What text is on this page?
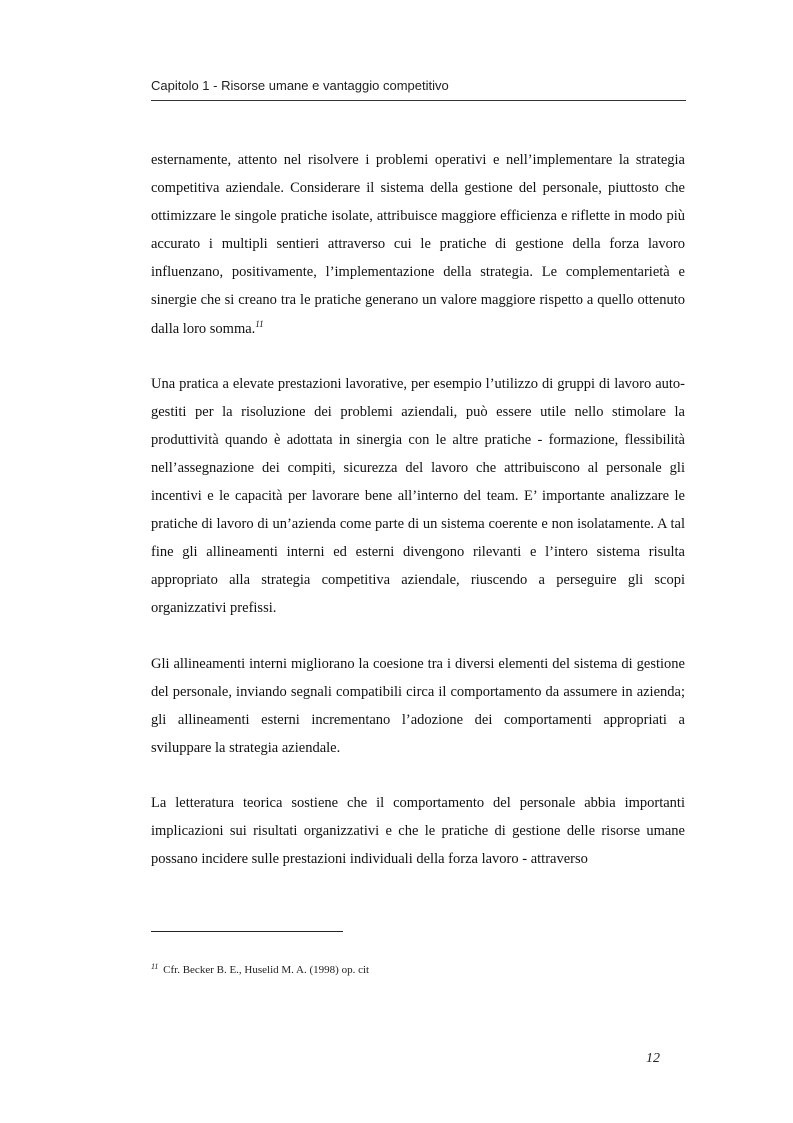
Capitolo 1 - Risorse umane e vantaggio competitivo

esternamente, attento nel risolvere i problemi operativi e nell’implementare la strategia competitiva aziendale. Considerare il sistema della gestione del personale, piuttosto che ottimizzare le singole pratiche isolate, attribuisce maggiore efficienza e riflette in modo più accurato i multipli sentieri attraverso cui le pratiche di gestione della forza lavoro influenzano, positivamente, l’implementazione della strategia. Le complementarietà e sinergie che si creano tra le pratiche generano un valore maggiore rispetto a quello ottenuto dalla loro somma.$^{11}$

Una pratica a elevate prestazioni lavorative, per esempio l’utilizzo di gruppi di lavoro auto-gestiti per la risoluzione dei problemi aziendali, può essere utile nello stimolare la produttività quando è adottata in sinergia con le altre pratiche - formazione, flessibilità nell’assegnazione dei compiti, sicurezza del lavoro che attribuiscono al personale gli incentivi e le capacità per lavorare bene all’interno del team. E’ importante analizzare le pratiche di lavoro di un’azienda come parte di un sistema coerente e non isolatamente. A tal fine gli allineamenti interni ed esterni divengono rilevanti e l’intero sistema risulta appropriato alla strategia competitiva aziendale, riuscendo a perseguire gli scopi organizzativi prefissi.

Gli allineamenti interni migliorano la coesione tra i diversi elementi del sistema di gestione del personale, inviando segnali compatibili circa il comportamento da assumere in azienda; gli allineamenti esterni incrementano l’adozione dei comportamenti appropriati a sviluppare la strategia aziendale.

La letteratura teorica sostiene che il comportamento del personale abbia importanti implicazioni sui risultati organizzativi e che le pratiche di gestione delle risorse umane possano incidere sulle prestazioni individuali della forza lavoro - attraverso

$^{11}$ Cfr. Becker B. E., Huselid M. A. (1998) op. cit
12
